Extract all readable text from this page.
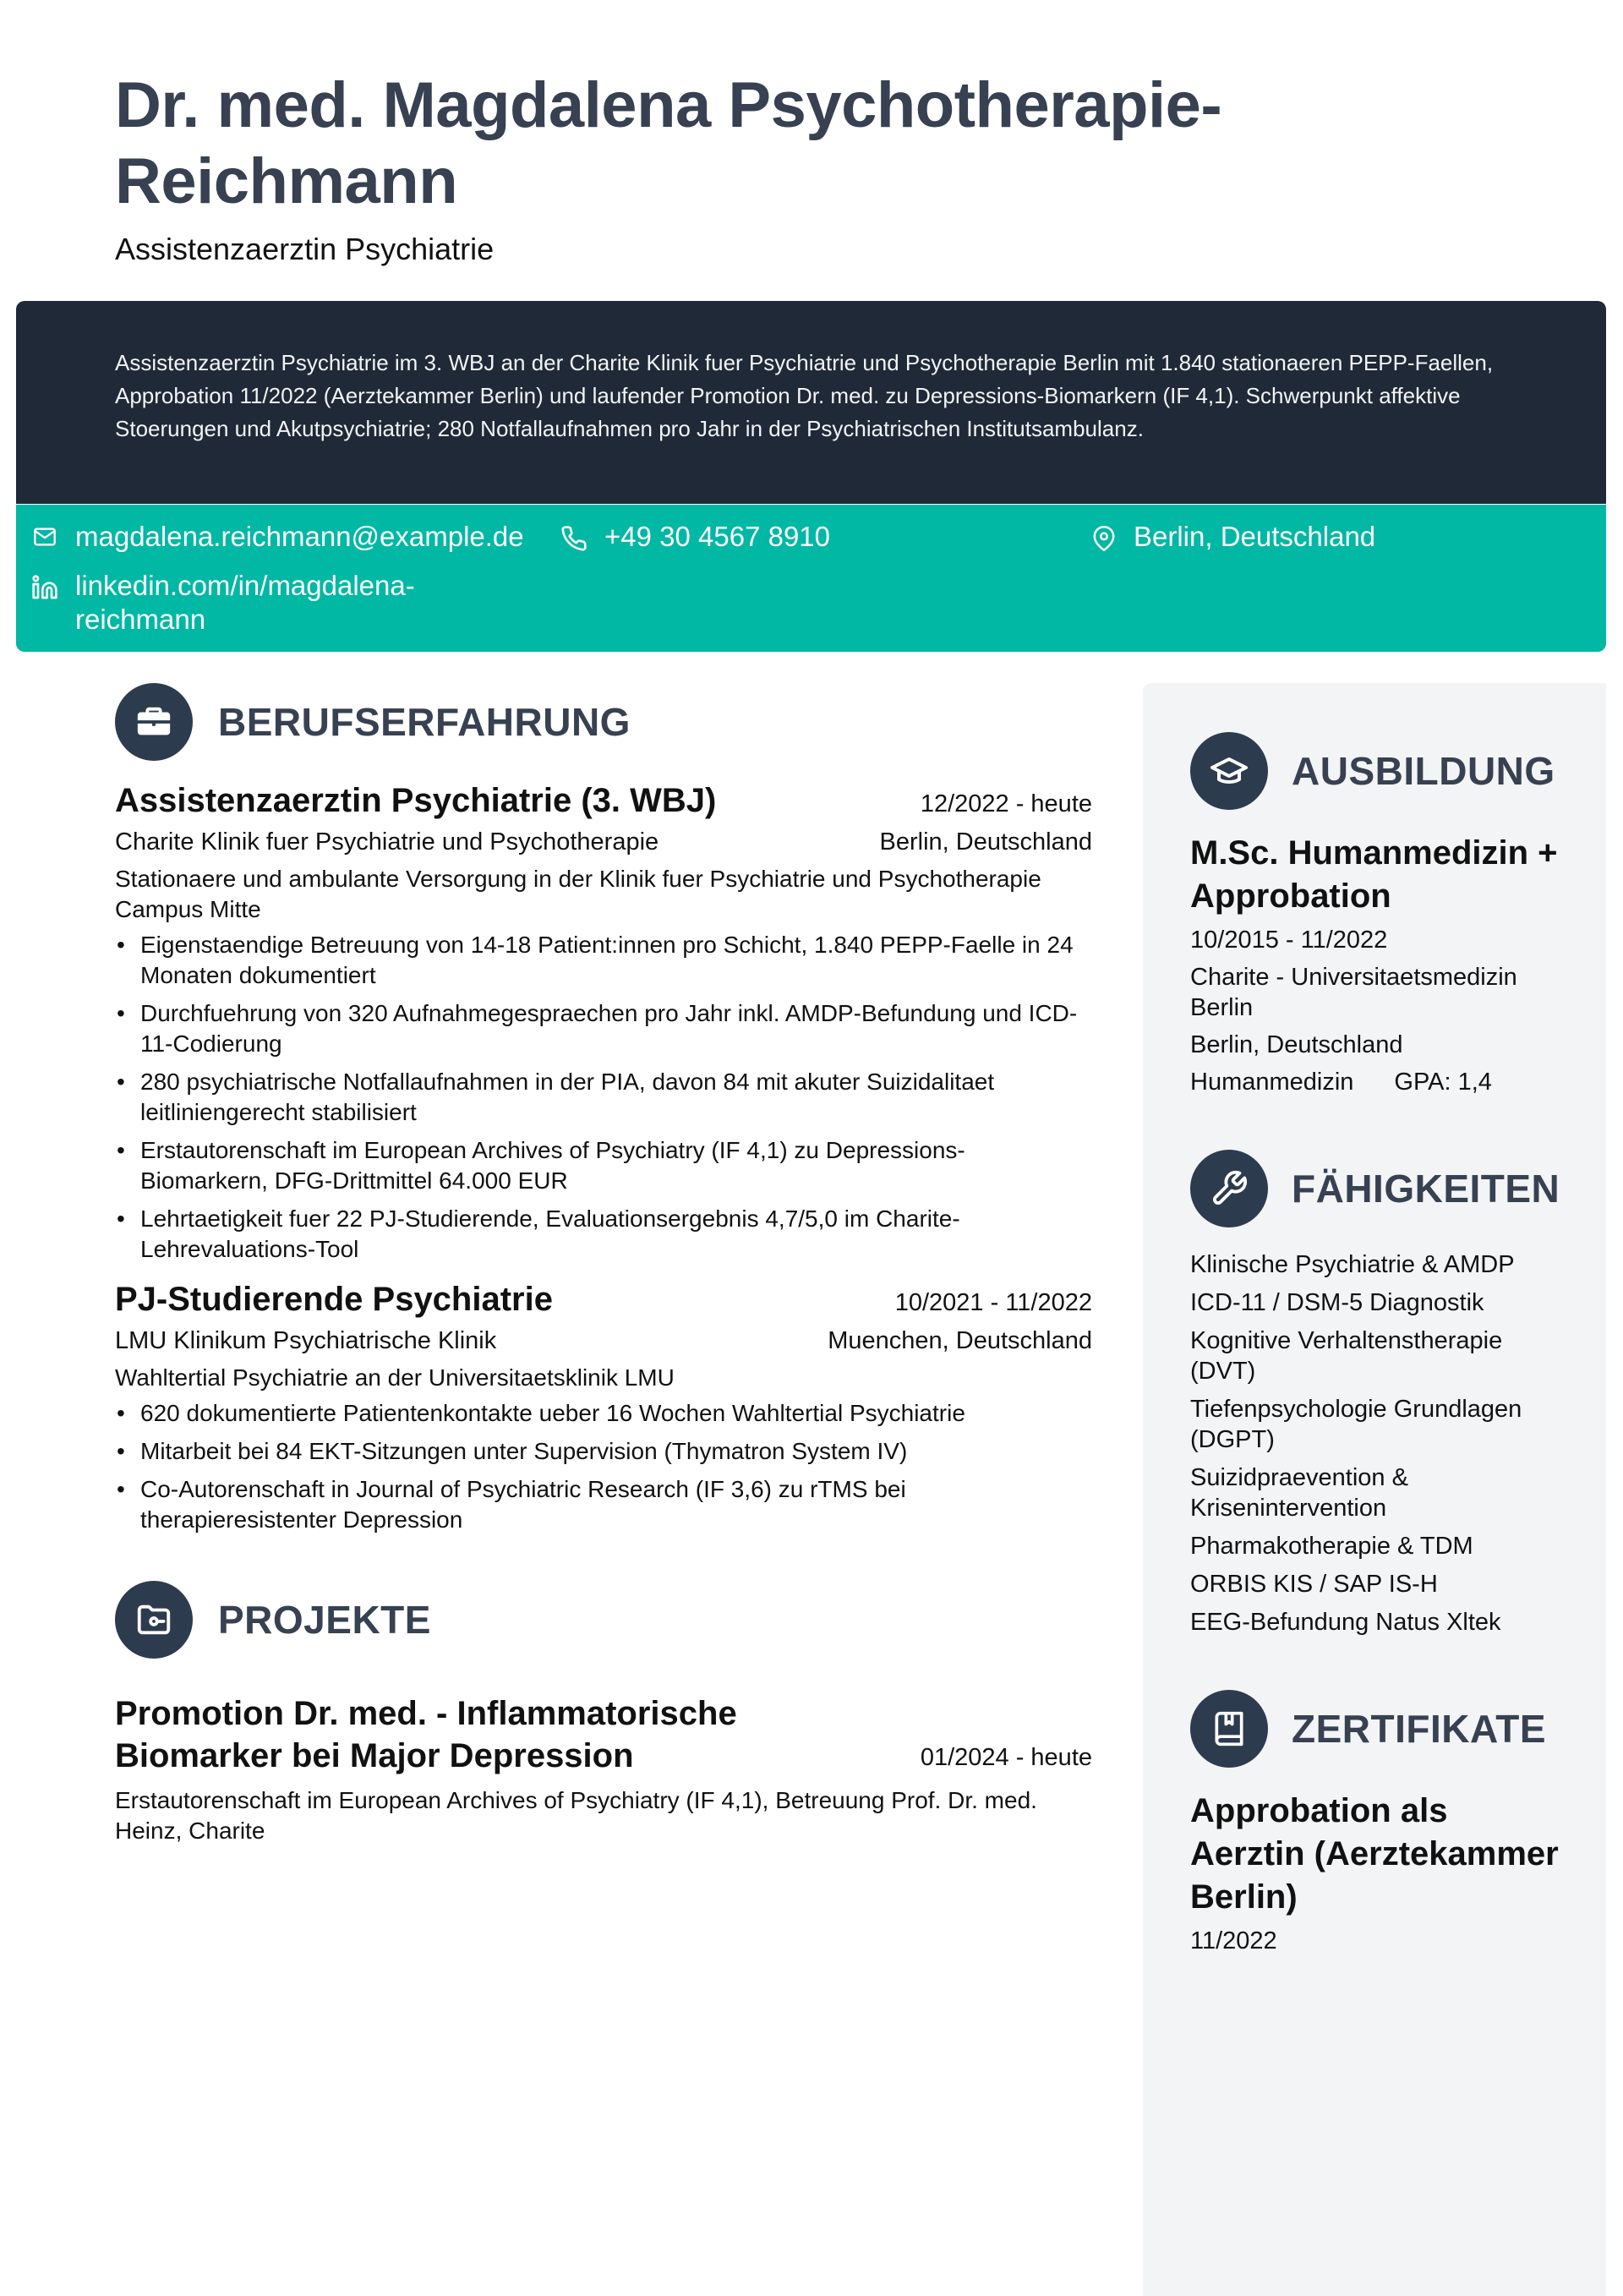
Dr. med. Magdalena Psychotherapie-Reichmann
Assistenzaerztin Psychiatrie

Assistenzaerztin Psychiatrie im 3. WBJ an der Charite Klinik fuer Psychiatrie und Psychotherapie Berlin mit 1.840 stationaeren PEPP-Faellen, Approbation 11/2022 (Aerztekammer Berlin) und laufender Promotion Dr. med. zu Depressions-Biomarkern (IF 4,1). Schwerpunkt affektive Stoerungen und Akutpsychiatrie; 280 Notfallaufnahmen pro Jahr in der Psychiatrischen Institutsambulanz.

magdalena.reichmann@example.de	+49 30 4567 8910	Berlin, Deutschland
linkedin.com/in/magdalena-reichmann
BERUFSERFAHRUNG
Assistenzaerztin Psychiatrie (3. WBJ)	12/2022 - heute
Charite Klinik fuer Psychiatrie und Psychotherapie	Berlin, Deutschland
Stationaere und ambulante Versorgung in der Klinik fuer Psychiatrie und Psychotherapie Campus Mitte
• Eigenstaendige Betreuung von 14-18 Patient:innen pro Schicht, 1.840 PEPP-Faelle in 24 Monaten dokumentiert
• Durchfuehrung von 320 Aufnahmegespraechen pro Jahr inkl. AMDP-Befundung und ICD-11-Codierung
• 280 psychiatrische Notfallaufnahmen in der PIA, davon 84 mit akuter Suizidalitaet leitliniengerecht stabilisiert
• Erstautorenschaft im European Archives of Psychiatry (IF 4,1) zu Depressions-Biomarkern, DFG-Drittmittel 64.000 EUR
• Lehrtaetigkeit fuer 22 PJ-Studierende, Evaluationsergebnis 4,7/5,0 im Charite-Lehrevaluations-Tool
PJ-Studierende Psychiatrie	10/2021 - 11/2022
LMU Klinikum Psychiatrische Klinik	Muenchen, Deutschland
Wahltertial Psychiatrie an der Universitaetsklinik LMU
• 620 dokumentierte Patientenkontakte ueber 16 Wochen Wahltertial Psychiatrie
• Mitarbeit bei 84 EKT-Sitzungen unter Supervision (Thymatron System IV)
• Co-Autorenschaft in Journal of Psychiatric Research (IF 3,6) zu rTMS bei therapieresistenter Depression
PROJEKTE
Promotion Dr. med. - Inflammatorische Biomarker bei Major Depression	01/2024 - heute
Erstautorenschaft im European Archives of Psychiatry (IF 4,1), Betreuung Prof. Dr. med. Heinz, Charite
AUSBILDUNG
M.Sc. Humanmedizin + Approbation
10/2015 - 11/2022
Charite - Universitaetsmedizin Berlin
Berlin, Deutschland
Humanmedizin GPA: 1,4
FÄHIGKEITEN
Klinische Psychiatrie & AMDP
ICD-11 / DSM-5 Diagnostik
Kognitive Verhaltenstherapie (DVT)
Tiefenpsychologie Grundlagen (DGPT)
Suizidpraevention & Krisenintervention
Pharmakotherapie & TDM
ORBIS KIS / SAP IS-H
EEG-Befundung Natus Xltek
ZERTIFIKATE
Approbation als Aerztin (Aerztekammer Berlin)
11/2022
